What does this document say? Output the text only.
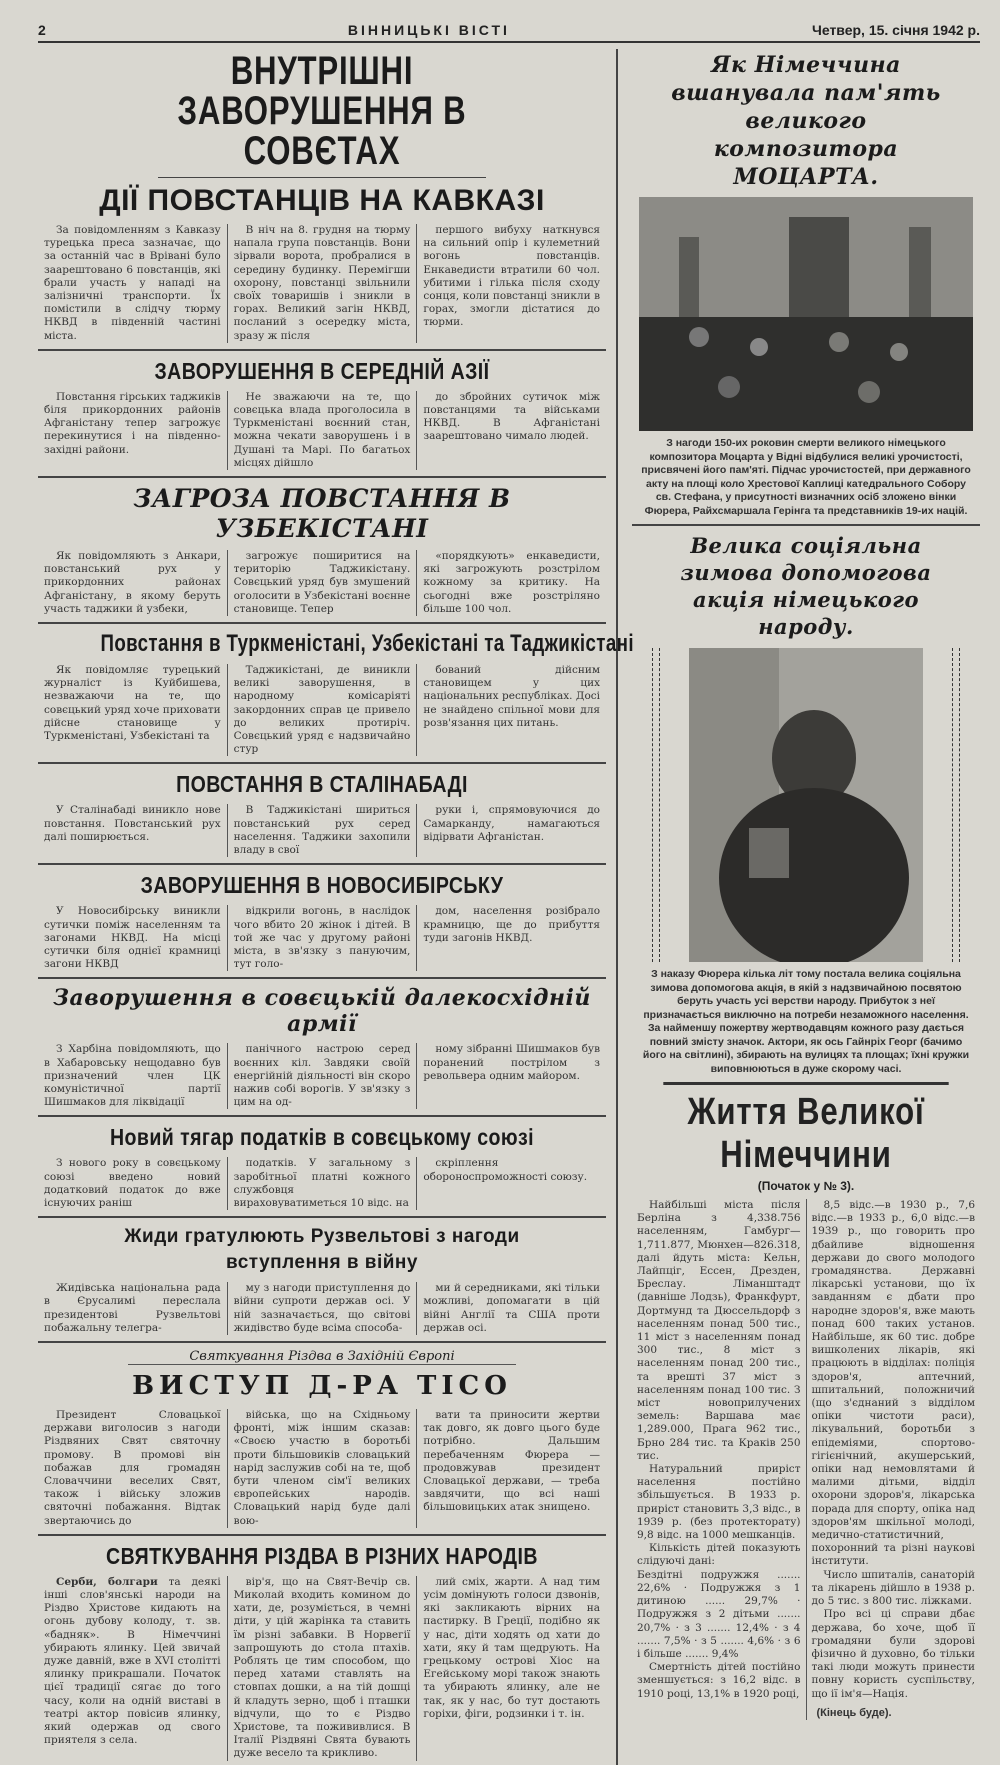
2	ВІННИЦЬКІ ВІСТІ	Четвер, 15. січня 1942 р.
ВНУТРІШНІ ЗАВОРУШЕННЯ В СОВЄТАХ
ДІЇ ПОВСТАНЦІВ НА КАВКАЗІ

За повідомленням з Кавказу турецька преса зазначає, що за останній час в Врівані було заарештовано 6 повстанців, які брали участь у нападі на залізничні транспорти. Їх помістили в слідчу тюрму НКВД в південній частині міста.

В ніч на 8. грудня на тюрму напала група повстанців. Вони зірвали ворота, пробралися в середину будинку. Перемігши охорону, повстанці звільнили своїх товаришів і зникли в горах. Великий загін НКВД, посланий з осередку міста, зразу ж після

першого вибуху наткнувся на сильний опір і кулеметний вогонь повстанців. Енкаведисти втратили 60 чол. убитими і гілька після сходу сонця, коли повстанці зникли в горах, змогли дістатися до тюрми.

ЗАВОРУШЕННЯ В СЕРЕДНІЙ АЗІЇ

Повстання гірських таджиків біля прикордонних районів Афганістану тепер загрожує перекинутися і на південно-західні райони.

Не зважаючи на те, що совєцька влада проголосила в Туркменістані воєнний стан, можна чекати заворушень і в Душані та Марі. По багатьох місцях дійшло

до збройних сутичок між повстанцями та військами НКВД. В Афганістані заарештовано чимало людей.

ЗАГРОЗА ПОВСТАННЯ В УЗБЕКІСТАНІ

Як повідомляють з Анкари, повстанський рух у прикордонних районах Афганістану, в якому беруть участь таджики й узбеки,

загрожує поширитися на територію Таджикістану. Совєцький уряд був змушений оголосити в Узбекістані воєнне становище. Тепер

«порядкують» енкаведисти, які загрожують розстрілом кожному за критику. На сьогодні вже розстріляно більше 100 чол.

Повстання в Туркменістані, Узбекістані та Таджикістані

Як повідомляє турецький журналіст із Куйбишева, незважаючи на те, що совєцький уряд хоче приховати дійсне становище у Туркменістані, Узбекістані та

Таджикістані, де виникли великі заворушення, в народному комісаріяті закордонних справ це привело до великих протиріч. Совєцький уряд є надзвичайно стур

бований дійсним становищем у цих національних республіках. Досі не знайдено спільної мови для розв'язання цих питань.

ПОВСТАННЯ В СТАЛІНАБАДІ

У Сталінабаді виникло нове повстання. Повстанський рух далі поширюється.

В Таджикістані шириться повстанський рух серед населення. Таджики захопили владу в свої

руки і, спрямовуючися до Самарканду, намагаються відірвати Афганістан.

ЗАВОРУШЕННЯ В НОВОСИБІРСЬКУ

У Новосибірську виникли сутички поміж населенням та загонами НКВД. На місці сутички біля однієї крамниці загони НКВД

відкрили вогонь, в наслідок чого вбито 20 жінок і дітей. В той же час у другому районі міста, в зв'язку з пануючим, тут голо-

дом, населення розібрало крамницю, ще до прибуття туди загонів НКВД.

Заворушення в совєцькій далекосхідній армії

З Харбіна повідомляють, що в Хабаровську нещодавно був призначений член ЦК комуністичної партії Шишмаков для ліквідації

панічного настрою серед воєнних кіл. Завдяки своїй енергійній діяльності він скоро нажив собі ворогів. У зв'язку з цим на од-

ному зібранні Шишмаков був поранений пострілом з револьвера одним майором.

Новий тягар податків в совєцькому союзі

З нового року в совєцькому союзі введено новий додатковий податок до вже існуючих раніш

податків. У загальному з заробітньої платні кожного службовця вираховуватиметься 10 відс. на

скріплення обороноспроможності союзу.

Жиди гратулюють Рузвельтові з нагоди вступлення в війну

Жидівська національна рада в Єрусалимі переслала президентові Рузвельтові побажальну телегра-

му з нагоди приступлення до війни супроти держав осі. У ній зазначається, що світові жидівство буде всіма способа-

ми й середниками, які тільки можливі, допомагати в цій війні Англії та США проти держав осі.

Святкування Різдва в Західній Європі
ВИСТУП Д-РА ТІСО

Президент Словацької держави виголосив з нагоди Різдвяних Свят святочну промову. В промові він побажав для громадян Словаччини веселих Свят, також і війську зложив святочні побажання. Відтак звертаючись до

війська, що на Східньому фронті, між іншим сказав: «Своєю участю в боротьбі проти більшовиків словацький нарід заслужив собі на те, щоб бути членом сім'ї великих європейських народів. Словацький нарід буде далі вою-

вати та приносити жертви так довго, як довго цього буде потрібно. Дальшим перебаченням Фюрера — продовжував президент Словацької держави, — треба завдячити, що всі наші більшовицьких атак знищено.

СВЯТКУВАННЯ РІЗДВА В РІЗНИХ НАРОДІВ

Серби, болгари та деякі інші слов'янські народи на Різдво Христове кидають на огонь дубову колоду, т. зв. «бадняк». В Німеччині убирають ялинку. Цей звичай дуже давній, вже в XVI столітті ялинку прикрашали. Початок цієї традиції сягає до того часу, коли на одній виставі в театрі актор повісив ялинку, який одержав од свого приятеля з села.

вір'я, що на Свят-Вечір св. Миколай входить комином до хати, де, розуміється, в чемні діти, у цій жарінка та ставить їм різні забавки. В Норвегії запрошують до стола птахів. Роблять це тим способом, що перед хатами ставлять на стовпах дошки, а на тій дошці й кладуть зерно, щоб і пташки відчули, що то є Різдво Христове, та пожививлися. В Італії Різдвяні Свята бувають дуже весело та крикливо.

лий сміх, жарти. А над тим усім домінують голоси дзвонів, які закликають вірних на пастирку. В Греції, подібно як у нас, діти ходять од хати до хати, яку й там щедрують. На грецькому острові Хіос на Егейському морі також знають та убирають ялинку, але не так, як у нас, бо тут достають горіхи, фіги, родзинки і т. ін.

Як Німеччина вшанувала пам'ять великого композитора МОЦАРТА.
З нагоди 150-их роковин смерти великого німецького композитора Моцарта у Відні відбулися великі урочистості, присвячені його пам'яті. Підчас урочистостей, при державного акту на площі коло Хрестової Каплиці катедрального Собору св. Стефана, у присутності визначних осіб зложено вінки Фюрера, Райхсмаршала Герінга та представників 19-их націй.
Велика соціяльна зимова допомогова акція німецького народу.
З наказу Фюрера кілька літ тому постала велика соціяльна зимова допомогова акція, в якій з надзвичайною посвятою беруть участь усі верстви народу. Прибуток з неї призначається виключно на потреби незаможного населення. За найменшу пожертву жертводавцям кожного разу дається повний змісту значок. Актори, як ось Гайнріх Георг (бачимо його на світлині), збирають на вулицях та площах; їхні кружки виповнюються в дуже скорому часі.
Життя Великої Німеччини
(Початок у № 3).

Найбільші міста після Берліна з 4,338.756 населенням, Гамбург—1,711.877, Мюнхен—826.318, далі йдуть міста: Кельн, Лайпціг, Ессен, Дрезден, Бреслау. Ліманштадт (давніше Лодзь), Франкфурт, Дортмунд та Дюссельдорф з населенням понад 500 тис., 11 міст з населенням понад 300 тис., 8 міст з населенням понад 200 тис., та врешті 37 міст з населенням понад 100 тис. З міст новоприлучених земель: Варшава має 1,289.000, Прага 962 тис., Брно 284 тис. та Краків 250 тис.

Натуральний приріст населення постійно збільшується. В 1933 р. приріст становить 3,3 відс., в 1939 р. (без протекторату) 9,8 відс. на 1000 мешканців.

Кількість дітей показують слідуючі дані:

Бездітні подружжя ....... 22,6% · Подружжя з 1 дитиною ...... 29,7% · Подружжя з 2 дітьми ....... 20,7% · з 3 ....... 12,4% · з 4 ....... 7,5% · з 5 ....... 4,6% · з 6 і більше ....... 9,4%

Смертність дітей постійно зменшується: з 16,2 відс. в 1910 році, 13,1% в 1920 році,

8,5 відс.—в 1930 р., 7,6 відс.—в 1933 р., 6,0 відс.—в 1939 р., що говорить про дбайливе відношення держави до свого молодого громадянства. Державні лікарські установи, що їх завданням є дбати про народне здоров'я, вже мають понад 600 таких установ. Найбільше, як 60 тис. добре вишколених лікарів, які працюють в відділах: поліція здоров'я, аптечний, шпитальний, положничий (що з'єднаний з відділом опіки чистоти раси), лікувальний, боротьби з епідеміями, спортово-гігієнічний, акушерський, опіки над немовлятами й малими дітьми, відділ охорони здоров'я, лікарська порада для спорту, опіка над здоров'ям шкільної молоді, медично-статистичний, похоронний та різні наукові інститути.

Число шпиталів, санаторій та лікарень дійшло в 1938 р. до 5 тис. з 800 тис. ліжками.

Про всі ці справи дбає держава, бо хоче, щоб її громадяни були здорові фізично й духовно, бо тільки такі люди можуть принести повну користь суспільству, що ії ім'я—Нація.

(Кінець буде).
